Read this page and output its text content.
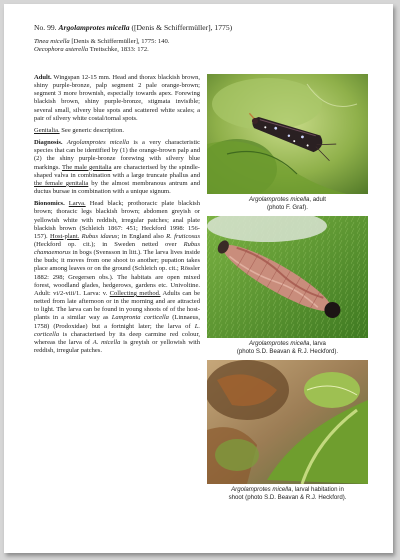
No. 99. Argolamprotes micella ([Denis & Schiffermüller], 1775)
Tinea micella [Denis & Schiffermüller], 1775: 140.
Oecophora asterella Treitschke, 1833: 172.

Adult. Wingspan 12-15 mm. Head and thorax blackish brown, shiny purple-bronze, palp segment 2 pale orange-brown; segment 3 more brownish, especially towards apex. Forewing blackish brown, shiny purple-bronze, stigmata invisible; several small, silvery blue spots and scattered white scales; a pair of silvery white costal/tornal spots.

Genitalia. See generic description.

Diagnosis. Argolamprotes micella is a very characteristic species that can be identified by (1) the orange-brown palp and (2) the shiny purple-bronze forewing with silvery blue markings. The male genitalia are characterised by the spindle-shaped valva in combination with a large truncate phallus and the female genitalia by the almost membranous antrum and ductus bursae in combination with a unique signum.

Bionomics. Larva. Head black; prothoracic plate blackish brown; thoracic legs blackish brown; abdomen greyish or yellowish white with reddish, irregular patches; anal plate blackish brown (Schleich 1867: 451; Heckford 1998: 156-157). Host-plant. Rubus idaeus; in England also R. fruticosus (Heckford op. cit.); in Sweden netted over Rubus chamaemorus in bogs (Svensson in litt.). The larva lives inside the buds; it moves from one shoot to another; pupation takes place among leaves or on the ground (Schleich op. cit.; Rössler 1882: 298; Gregersen obs.). The habitats are open mixed forest, woodland glades, hedgerows, gardens etc. Univoltine. Adult: vi/2-viii/1. Larva: v. Collecting method. Adults can be netted from late afternoon or in the morning and are attracted to light. The larva can be found in young shoots of of the host-plants in a similar way as Lampronia corticella (Linnaeus, 1758) (Prodoxidae) but a fortnight later; the larva of L. corticella is characterised by its deep carmine red colour, whereas the larva of A. micella is greyish or yellowish with reddish, irregular patches.

Argolamprotes micella, adult
(photo F. Graf).
Argolamprotes micella, larva
(photo S.D. Beavan & R.J. Heckford).
Argolamprotes micella, larval habitation in
shoot (photo S.D. Beavan & R.J. Heckford).
